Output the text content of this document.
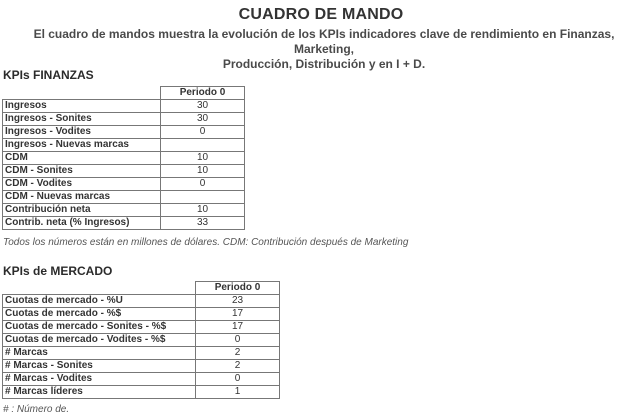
CUADRO DE MANDO
El cuadro de mandos muestra la evolución de los KPIs indicadores clave de rendimiento en Finanzas, Marketing,
Producción, Distribución y en I + D.
KPIs FINANZAS
	Periodo 0
Ingresos	30
Ingresos - Sonites	30
Ingresos - Vodites	0
Ingresos - Nuevas marcas	
CDM	10
CDM - Sonites	10
CDM - Vodites	0
CDM - Nuevas marcas	
Contribución neta	10
Contrib. neta (% Ingresos)	33
Todos los números están en millones de dólares. CDM: Contribución después de Marketing
KPIs de MERCADO
	Periodo 0
Cuotas de mercado - %U	23
Cuotas de mercado - %$	17
Cuotas de mercado - Sonites - %$	17
Cuotas de mercado - Vodites - %$	0
# Marcas	2
# Marcas - Sonites	2
# Marcas - Vodites	0
# Marcas líderes	1
# : Número de.
